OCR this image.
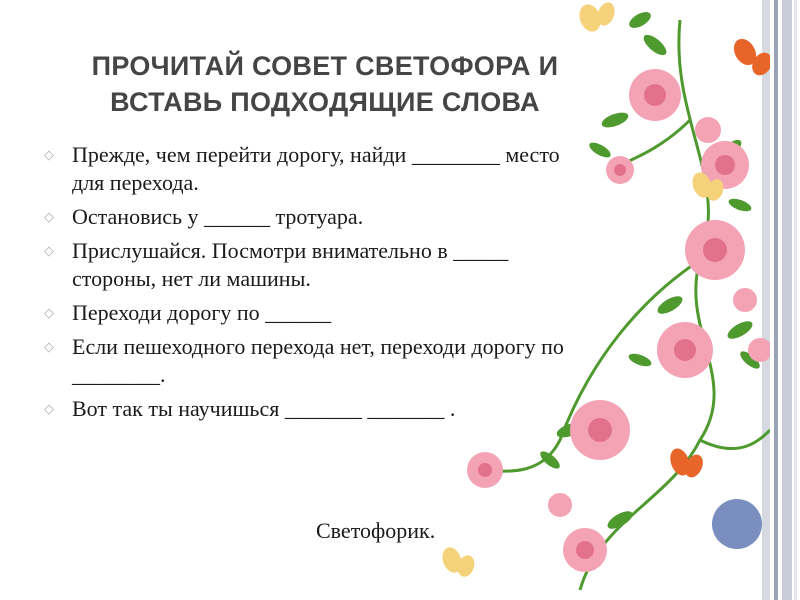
ПРОЧИТАЙ СОВЕТ СВЕТОФОРА И
ВСТАВЬ ПОДХОДЯЩИЕ СЛОВА
◇ Прежде, чем перейти дорогу, найди ________ место
для перехода.
◇ Остановись у ______ тротуара.
◇ Прислушайся. Посмотри внимательно в _____
стороны, нет ли машины.
◇ Переходи дорогу по ______
◇ Если пешеходного перехода нет, переходи дорогу по
________.
◇ Вот так ты научишься _______ _______ .
Светофорик.
